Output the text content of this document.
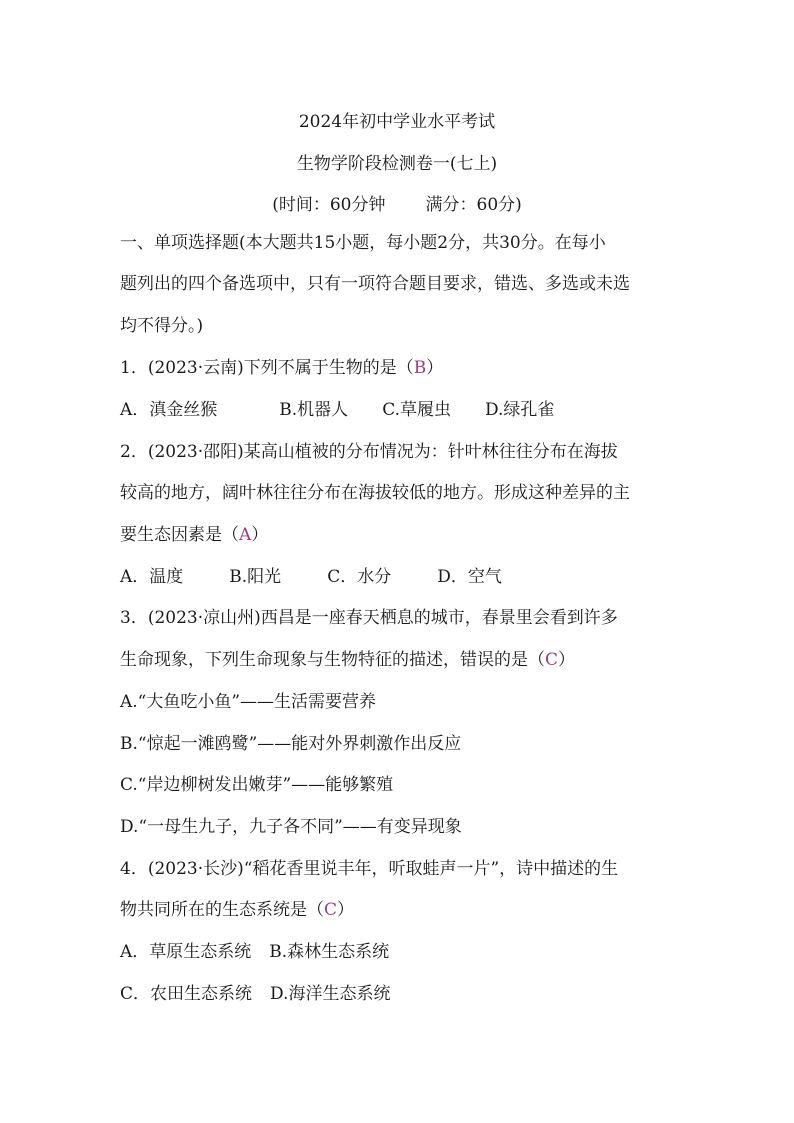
2024年初中学业水平考试
生物学阶段检测卷一(七上)
(时间：60分钟 满分：60分)
一、单项选择题(本大题共15小题，每小题2分，共30分。在每小
题列出的四个备选项中，只有一项符合题目要求，错选、多选或未选
均不得分。)
1．(2023·云南)下列不属于生物的是（B）
A．滇金丝猴	B.机器人 C.草履虫 D.绿孔雀
2．(2023·邵阳)某高山植被的分布情况为：针叶林往往分布在海拔
较高的地方，阔叶林往往分布在海拔较低的地方。形成这种差异的主
要生态因素是（A）
A．温度	B.阳光	C．水分	D．空气
3．(2023·凉山州)西昌是一座春天栖息的城市，春景里会看到许多
生命现象，下列生命现象与生物特征的描述，错误的是（C）
A.“大鱼吃小鱼”——生活需要营养
B.“惊起一滩鸥鹭”——能对外界刺激作出反应
C.“岸边柳树发出嫩芽”——能够繁殖
D.“一母生九子，九子各不同”——有变异现象
4．(2023·长沙)“稻花香里说丰年，听取蛙声一片”，诗中描述的生
物共同所在的生态系统是（C）
A．草原生态系统 B.森林生态系统
C．农田生态系统 D.海洋生态系统
